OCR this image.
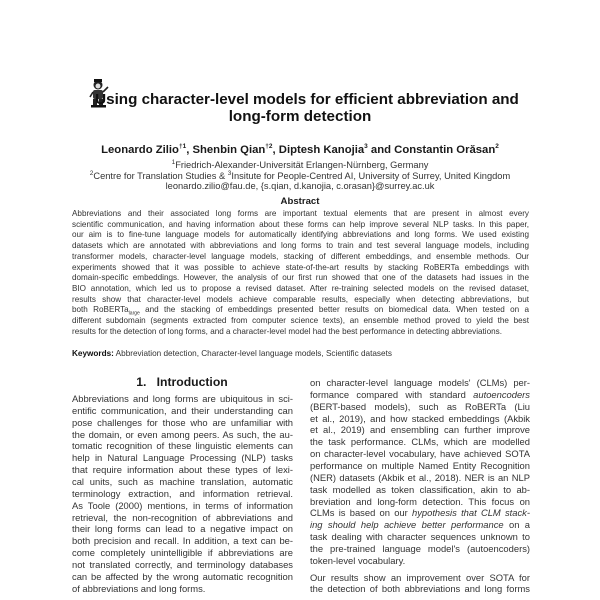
Using character-level models for efficient abbreviation and
long-form detection
Leonardo Zilio$^{\dagger 1}$, Shenbin Qian$^{\dagger 2}$, Diptesh Kanojia$^3$ and Constantin Orăsan$^2$
$^1$Friedrich-Alexander-Universität Erlangen-Nürnberg, Germany
$^2$Centre for Translation Studies & $^3$Insitute for People-Centred AI, University of Surrey, United Kingdom
leonardo.zilio@fau.de, {s.qian, d.kanojia, c.orasan}@surrey.ac.uk
Abstract
Abbreviations and their associated long forms are important textual elements that are present in almost every
scientific communication, and having information about these forms can help improve several NLP tasks. In this paper,
our aim is to fine-tune language models for automatically identifying abbreviations and long forms. We used existing
datasets which are annotated with abbreviations and long forms to train and test several language models, including
transformer models, character-level language models, stacking of different embeddings, and ensemble methods. Our
experiments showed that it was possible to achieve state-of-the-art results by stacking RoBERTa embeddings with
domain-specific embeddings. However, the analysis of our first run showed that one of the datasets had issues in the
BIO annotation, which led us to propose a revised dataset. After re-training selected models on the revised dataset,
results show that character-level models achieve comparable results, especially when detecting abbreviations, but
both RoBERTa$_{large}$ and the stacking of embeddings presented better results on biomedical data. When tested on a
different subdomain (segments extracted from computer science texts), an ensemble method proved to yield the best
results for the detection of long forms, and a character-level model had the best performance in detecting abbreviations.
Keywords: Abbreviation detection, Character-level language models, Scientific datasets
1. Introduction
Abbreviations and long forms are ubiquitous in sci-
entific communication, and their understanding can
pose challenges for those who are unfamiliar with
the domain, or even among peers. As such, the au-
tomatic recognition of these linguistic elements can
help in Natural Language Processing (NLP) tasks
that require information about these types of lexi-
cal units, such as machine translation, automatic
terminology extraction, and information retrieval.
As Toole (2000) mentions, in terms of information
retrieval, the non-recognition of abbreviations and
their long forms can lead to a negative impact on
both precision and recall. In addition, a text can be-
come completely unintelligible if abbreviations are
not translated correctly, and terminology databases
can be affected by the wrong automatic recognition
of abbreviations and long forms.
on character-level language models' (CLMs) per-
formance compared with standard autoencoders
(BERT-based models), such as RoBERTa (Liu
et al., 2019), and how stacked embeddings (Akbik
et al., 2019) and ensembling can further improve
the task performance. CLMs, which are modelled
on character-level vocabulary, have achieved SOTA
performance on multiple Named Entity Recognition
(NER) datasets (Akbik et al., 2018). NER is an NLP
task modelled as token classification, akin to ab-
breviation and long-form detection. This focus on
CLMs is based on our hypothesis that CLM stack-
ing should help achieve better performance on a
task dealing with character sequences unknown to
the pre-trained language model's (autoencoders)
token-level vocabulary.
Our results show an improvement over SOTA for
the detection of both abbreviations and long forms
